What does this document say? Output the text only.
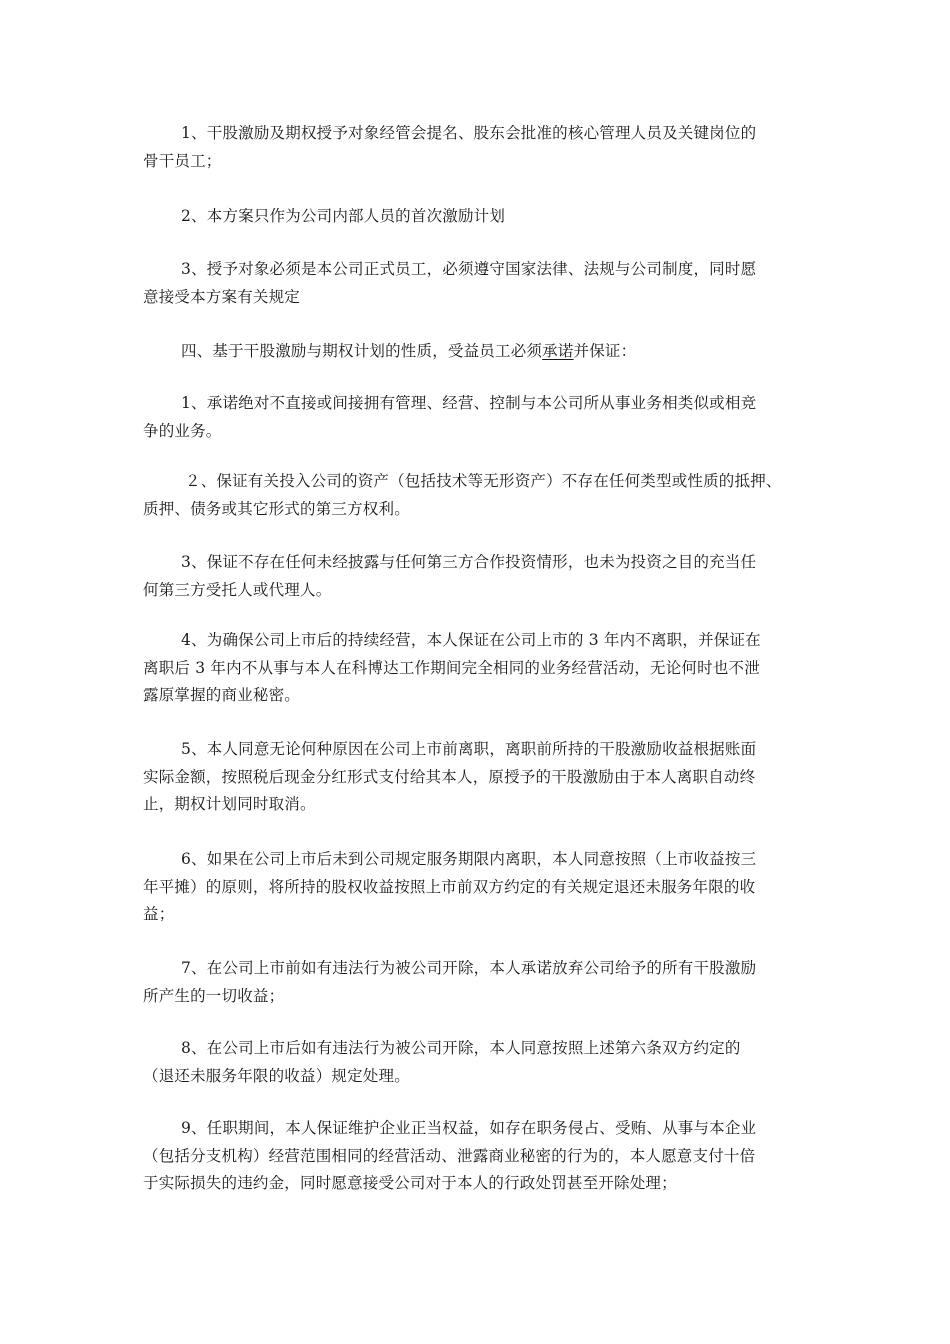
1、干股激励及期权授予对象经管会提名、股东会批准的核心管理人员及关键岗位的
骨干员工；
2、本方案只作为公司内部人员的首次激励计划
3、授予对象必须是本公司正式员工，必须遵守国家法律、法规与公司制度，同时愿
意接受本方案有关规定
四、基于干股激励与期权计划的性质，受益员工必须承诺并保证：
1、承诺绝对不直接或间接拥有管理、经营、控制与本公司所从事业务相类似或相竞
争的业务。
２、保证有关投入公司的资产（包括技术等无形资产）不存在任何类型或性质的抵押、
质押、债务或其它形式的第三方权利。
3、保证不存在任何未经披露与任何第三方合作投资情形，也未为投资之目的充当任
何第三方受托人或代理人。
4、为确保公司上市后的持续经营，本人保证在公司上市的 3 年内不离职，并保证在
离职后 3 年内不从事与本人在科博达工作期间完全相同的业务经营活动，无论何时也不泄
露原掌握的商业秘密。
5、本人同意无论何种原因在公司上市前离职，离职前所持的干股激励收益根据账面
实际金额，按照税后现金分红形式支付给其本人，原授予的干股激励由于本人离职自动终
止，期权计划同时取消。
6、如果在公司上市后未到公司规定服务期限内离职，本人同意按照（上市收益按三
年平摊）的原则，将所持的股权收益按照上市前双方约定的有关规定退还未服务年限的收
益；
7、在公司上市前如有违法行为被公司开除，本人承诺放弃公司给予的所有干股激励
所产生的一切收益；
8、在公司上市后如有违法行为被公司开除，本人同意按照上述第六条双方约定的
（退还未服务年限的收益）规定处理。
9、任职期间，本人保证维护企业正当权益，如存在职务侵占、受贿、从事与本企业
（包括分支机构）经营范围相同的经营活动、泄露商业秘密的行为的，本人愿意支付十倍
于实际损失的违约金，同时愿意接受公司对于本人的行政处罚甚至开除处理；
